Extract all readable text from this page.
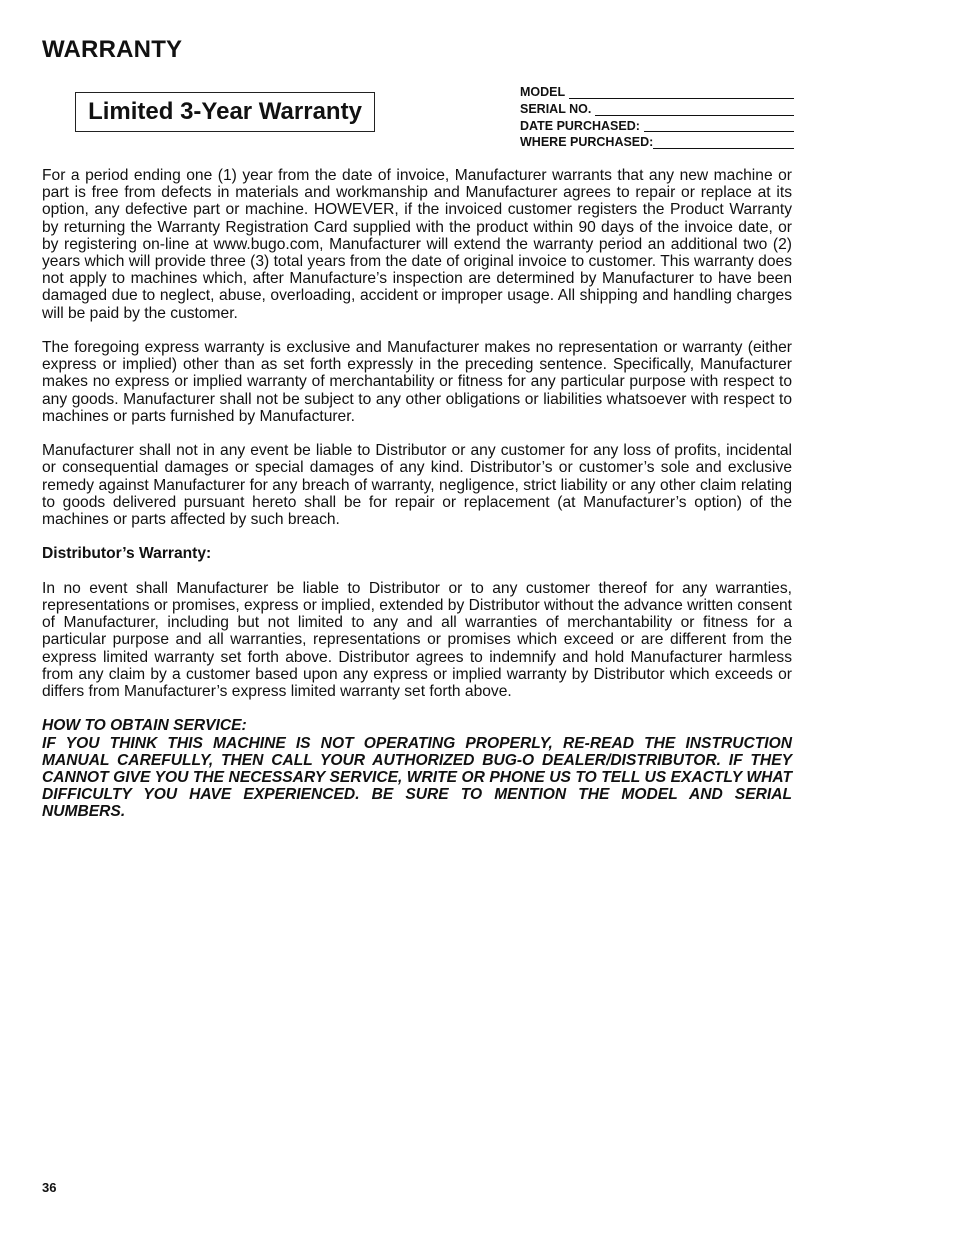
WARRANTY
Limited 3-Year Warranty
MODEL
SERIAL NO.
DATE PURCHASED:
WHERE PURCHASED:

For a period ending one (1) year from the date of invoice, Manufacturer warrants that any new machine or part is free from defects in materials and workmanship and Manufacturer agrees to repair or replace at its option, any defective part or machine. HOWEVER, if the invoiced customer registers the Product Warranty by returning the Warranty Registration Card supplied with the product within 90 days of the invoice date, or by registering on-line at www.bugo.com, Manufacturer will extend the warranty period an additional two (2) years which will provide three (3) total years from the date of original invoice to customer. This warranty does not apply to machines which, after Manufacture’s inspection are determined by Manufacturer to have been damaged due to neglect, abuse, overloading, accident or improper usage. All shipping and handling charges will be paid by the customer.

The foregoing express warranty is exclusive and Manufacturer makes no representation or warranty (either express or implied) other than as set forth expressly in the preceding sentence. Specifically, Manufacturer makes no express or implied warranty of merchantability or fitness for any particular purpose with respect to any goods. Manufacturer shall not be subject to any other obligations or liabilities whatsoever with respect to machines or parts furnished by Manufacturer.

Manufacturer shall not in any event be liable to Distributor or any customer for any loss of profits, incidental or consequential damages or special damages of any kind. Distributor’s or customer’s sole and exclusive remedy against Manufacturer for any breach of warranty, negligence, strict liability or any other claim relating to goods delivered pursuant hereto shall be for repair or replacement (at Manufacturer’s option) of the machines or parts affected by such breach.

Distributor’s Warranty:

In no event shall Manufacturer be liable to Distributor or to any customer thereof for any warranties, representations or promises, express or implied, extended by Distributor without the advance written consent of Manufacturer, including but not limited to any and all warranties of merchantability or fitness for a particular purpose and all warranties, representations or promises which exceed or are different from the express limited warranty set forth above. Distributor agrees to indemnify and hold Manufacturer harmless from any claim by a customer based upon any express or implied warranty by Distributor which exceeds or differs from Manufacturer’s express limited warranty set forth above.

HOW TO OBTAIN SERVICE:
IF YOU THINK THIS MACHINE IS NOT OPERATING PROPERLY, RE-READ THE INSTRUCTION MANUAL CAREFULLY, THEN CALL YOUR AUTHORIZED BUG-O DEALER/DISTRIBUTOR. IF THEY CANNOT GIVE YOU THE NECESSARY SERVICE, WRITE OR PHONE US TO TELL US EXACTLY WHAT DIFFICULTY YOU HAVE EXPERIENCED. BE SURE TO MENTION THE MODEL AND SERIAL NUMBERS.
36
